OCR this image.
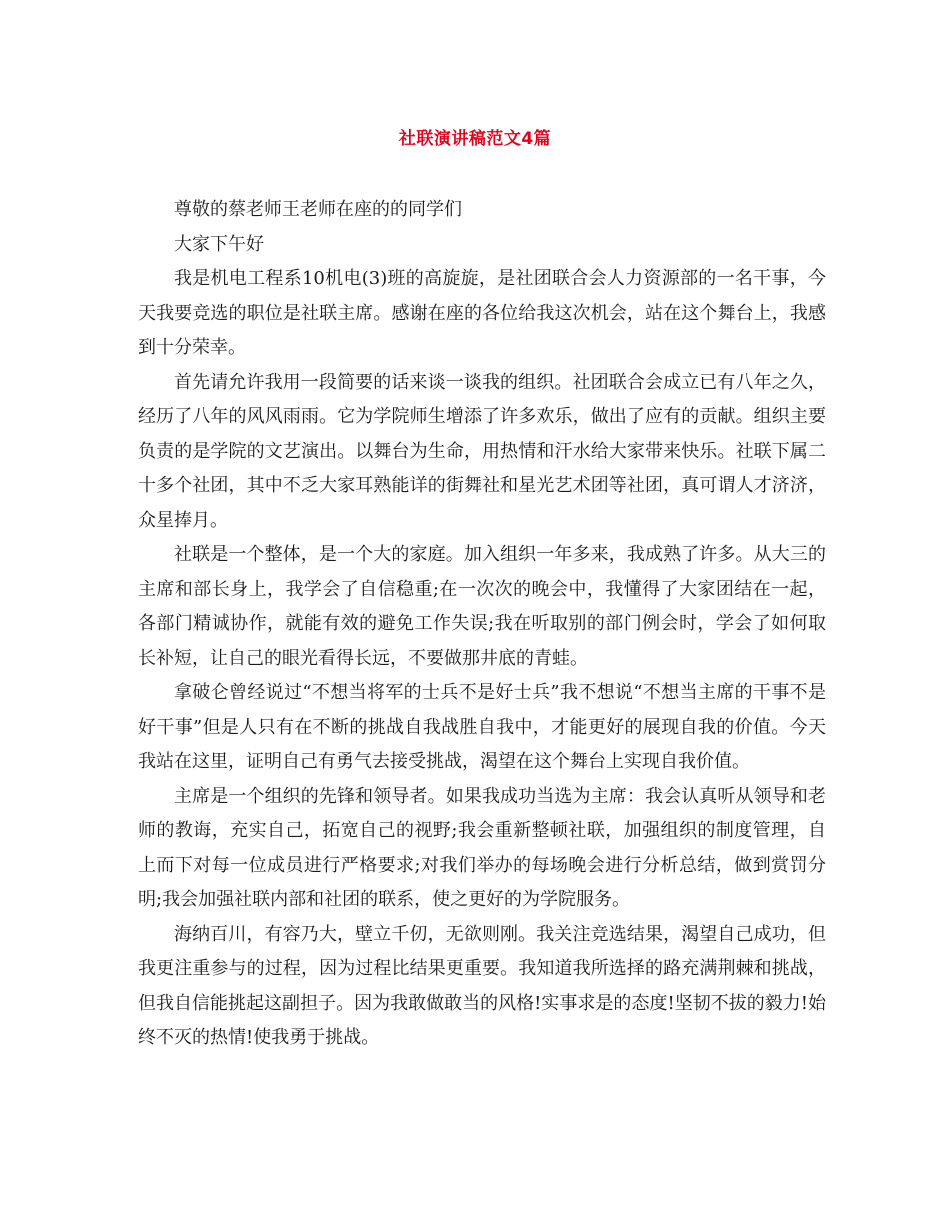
社联演讲稿范文4篇

尊敬的蔡老师王老师在座的的同学们

大家下午好

我是机电工程系10机电(3)班的高旋旋，是社团联合会人力资源部的一名干事，今天我要竞选的职位是社联主席。感谢在座的各位给我这次机会，站在这个舞台上，我感到十分荣幸。

首先请允许我用一段简要的话来谈一谈我的组织。社团联合会成立已有八年之久，经历了八年的风风雨雨。它为学院师生增添了许多欢乐，做出了应有的贡献。组织主要负责的是学院的文艺演出。以舞台为生命，用热情和汗水给大家带来快乐。社联下属二十多个社团，其中不乏大家耳熟能详的街舞社和星光艺术团等社团，真可谓人才济济，众星捧月。

社联是一个整体，是一个大的家庭。加入组织一年多来，我成熟了许多。从大三的主席和部长身上，我学会了自信稳重;在一次次的晚会中，我懂得了大家团结在一起，各部门精诚协作，就能有效的避免工作失误;我在听取别的部门例会时，学会了如何取长补短，让自己的眼光看得长远，不要做那井底的青蛙。

拿破仑曾经说过“不想当将军的士兵不是好士兵”我不想说“不想当主席的干事不是好干事”但是人只有在不断的挑战自我战胜自我中，才能更好的展现自我的价值。今天我站在这里，证明自己有勇气去接受挑战，渴望在这个舞台上实现自我价值。

主席是一个组织的先锋和领导者。如果我成功当选为主席：我会认真听从领导和老师的教诲，充实自己，拓宽自己的视野;我会重新整顿社联，加强组织的制度管理，自上而下对每一位成员进行严格要求;对我们举办的每场晚会进行分析总结，做到赏罚分明;我会加强社联内部和社团的联系，使之更好的为学院服务。

海纳百川，有容乃大，壁立千仞，无欲则刚。我关注竞选结果，渴望自己成功，但我更注重参与的过程，因为过程比结果更重要。我知道我所选择的路充满荆棘和挑战，但我自信能挑起这副担子。因为我敢做敢当的风格!实事求是的态度!坚韧不拔的毅力!始终不灭的热情!使我勇于挑战。
